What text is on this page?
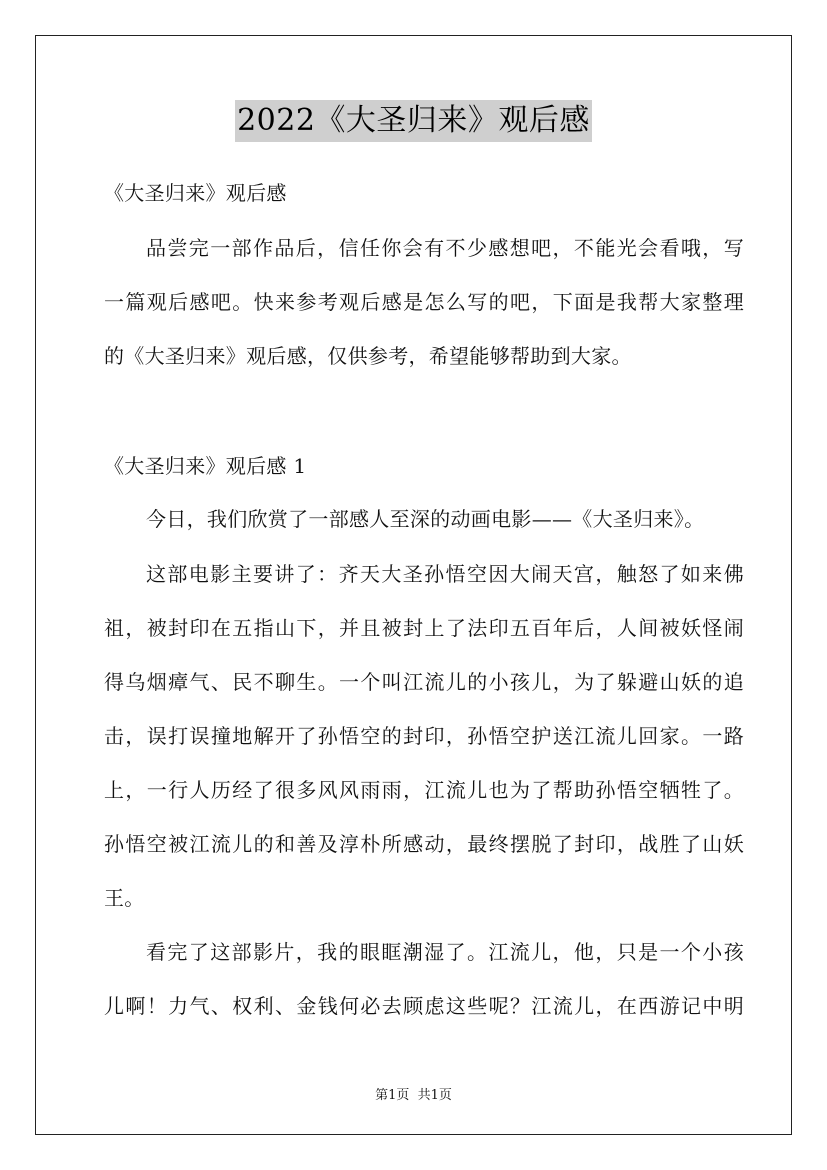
2022《大圣归来》观后感
《大圣归来》观后感
品尝完一部作品后，信任你会有不少感想吧，不能光会看哦，写
一篇观后感吧。快来参考观后感是怎么写的吧，下面是我帮大家整理
的《大圣归来》观后感，仅供参考，希望能够帮助到大家。
《大圣归来》观后感 1
今日，我们欣赏了一部感人至深的动画电影——《大圣归来》。
这部电影主要讲了：齐天大圣孙悟空因大闹天宫，触怒了如来佛
祖，被封印在五指山下，并且被封上了法印五百年后，人间被妖怪闹
得乌烟瘴气、民不聊生。一个叫江流儿的小孩儿，为了躲避山妖的追
击，误打误撞地解开了孙悟空的封印，孙悟空护送江流儿回家。一路
上，一行人历经了很多风风雨雨，江流儿也为了帮助孙悟空牺牲了。
孙悟空被江流儿的和善及淳朴所感动，最终摆脱了封印，战胜了山妖
王。
看完了这部影片，我的眼眶潮湿了。江流儿，他，只是一个小孩
儿啊！力气、权利、金钱何必去顾虑这些呢？江流儿，在西游记中明
第1页 共1页
